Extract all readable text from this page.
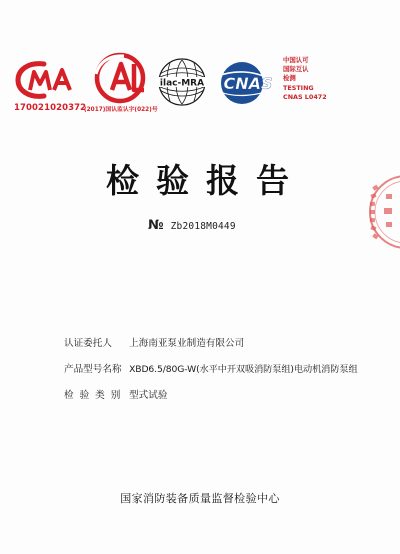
MA
170021020372
AL
(2017)国认监认字(022)号
ilac-MRA CNAS
中国认可
国际互认
检测
TESTING
CNAS L0472
检验报告
№ Zb2018M0449
认证委托人 上海南亚泵业制造有限公司
产品型号名称 XBD6.5/80G-W(水平中开双吸消防泵组)电动机消防泵组
检验类别 型式试验
国家消防装备质量监督检验中心
